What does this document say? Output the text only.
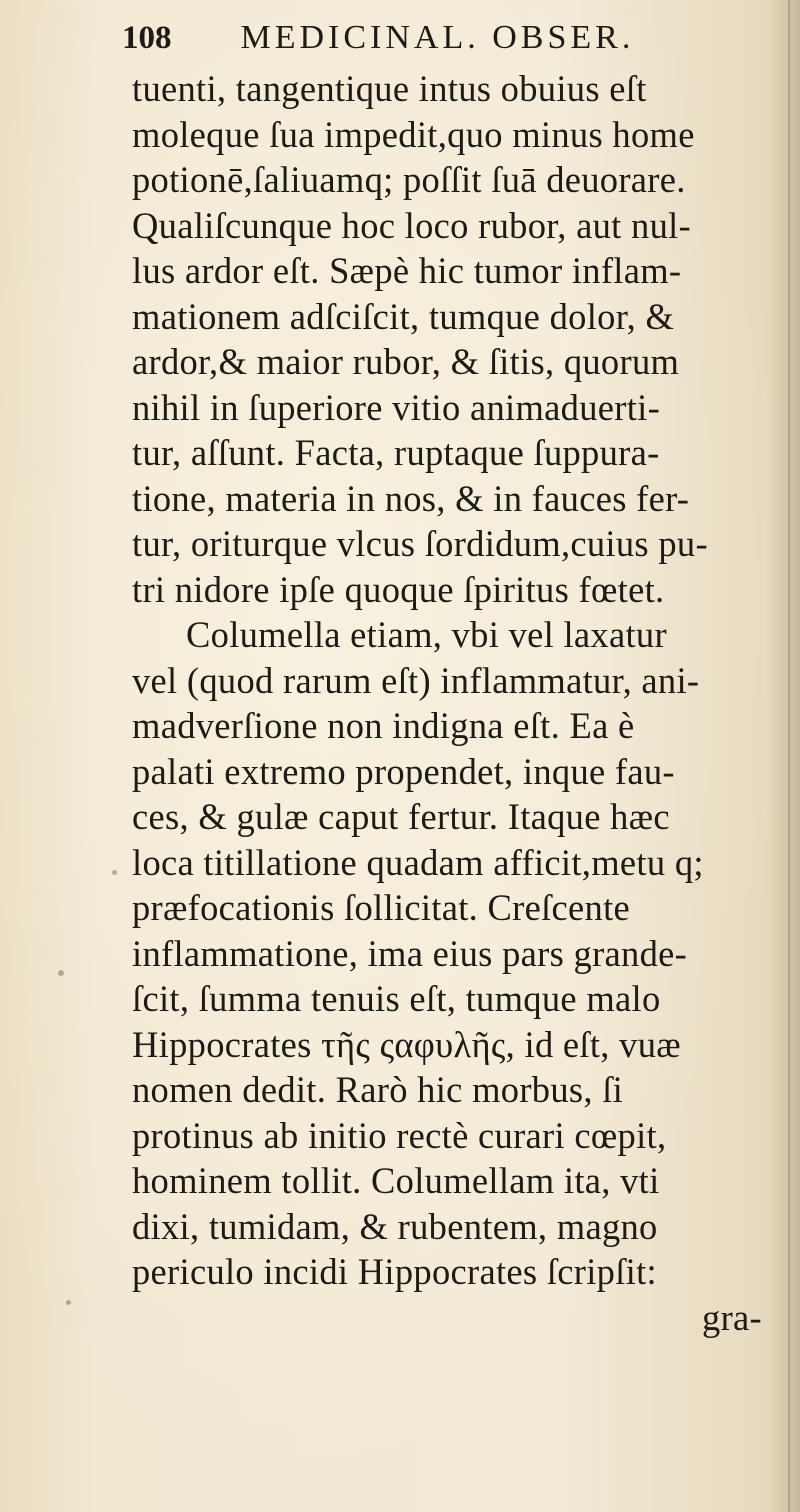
108 MEDICINAL. OBSER.
tuenti, tangentique intus obuius eſt
moleque ſua impedit,quo minus home
potionē,ſaliuamq; poſſit ſuā deuorare.
Qualiſcunque hoc loco rubor, aut nul-
lus ardor eſt. Sæpè hic tumor inflam-
mationem adſciſcit, tumque dolor, &
ardor,& maior rubor, & ſitis, quorum
nihil in ſuperiore vitio animaduerti-
tur, aſſunt. Facta, ruptaque ſuppura-
tione, materia in nos, & in fauces fer-
tur, oriturque vlcus ſordidum,cuius pu-
tri nidore ipſe quoque ſpiritus fœtet.
Columella etiam, vbi vel laxatur
vel (quod rarum eſt) inflammatur, ani-
madverſione non indigna eſt. Ea è
palati extremo propendet, inque fau-
ces, & gulæ caput fertur. Itaque hæc
loca titillatione quadam afficit,metu q;
præfocationis ſollicitat. Creſcente
inflammatione, ima eius pars grande-
ſcit, ſumma tenuis eſt, tumque malo
Hippocrates τῆς ςαφυλῆς, id eſt, vuæ
nomen dedit. Rarò hic morbus, ſi
protinus ab initio rectè curari cœpit,
hominem tollit. Columellam ita, vti
dixi, tumidam, & rubentem, magno
periculo incidi Hippocrates ſcripſit:
gra-
